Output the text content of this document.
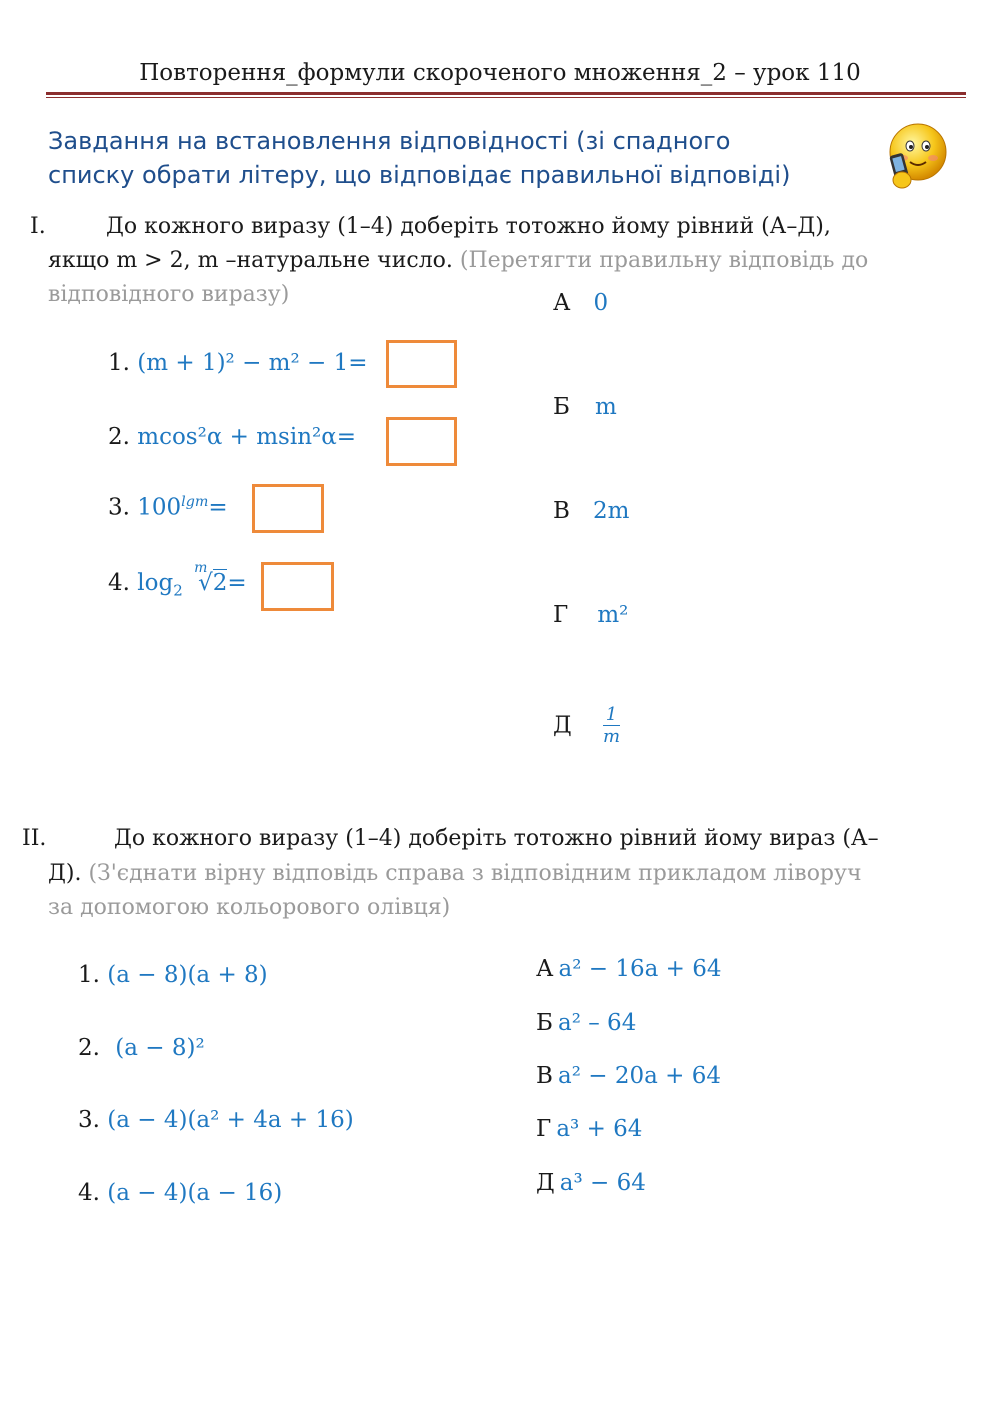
Повторення_формули скороченого множення_2 – урок 110
Завдання на встановлення відповідності (зі спадного
списку обрати літеру, що відповідає правильної відповіді)
I.	До кожного виразу (1–4) доберіть тотожно йому рівний (А–Д),
якщо m > 2, m –натуральне число. (Перетягти правильну відповідь до
відповідного виразу)
1. (m + 1)² − m² − 1=
2. mcos²α + msin²α=
3. $100^{lgm}=$
4. $\log_2$
m
√2=
А 0
Б m
В 2m
Г m²
Д $\frac{1}{m}$
II.	До кожного виразу (1–4) доберіть тотожно рівний йому вираз (А–
Д). (З'єднати вірну відповідь справа з відповідним прикладом ліворуч
за допомогою кольорового олівця)
1. (a − 8)(a + 8)
2. (a − 8)²
3. (a − 4)(a² + 4a + 16)
4. (a − 4)(a − 16)
А a² − 16a + 64
Б a² – 64
В a² − 20a + 64
Г a³ + 64
Д a³ − 64
